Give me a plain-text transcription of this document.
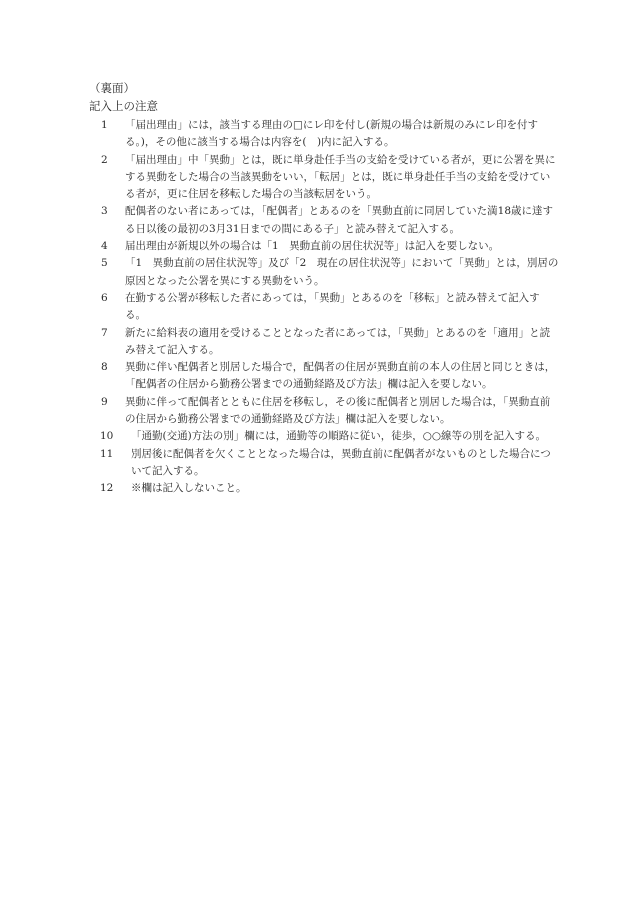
（裏面）
記入上の注意
1	「届出理由」には，該当する理由の□にレ印を付し(新規の場合は新規のみにレ印を付する。)，その他に該当する場合は内容を(　)内に記入する。
2	「届出理由」中「異動」とは，既に単身赴任手当の支給を受けている者が，更に公署を異にする異動をした場合の当該異動をいい，「転居」とは，既に単身赴任手当の支給を受けている者が，更に住居を移転した場合の当該転居をいう。
3	配偶者のない者にあっては，「配偶者」とあるのを「異動直前に同居していた満18歳に達する日以後の最初の3月31日までの間にある子」と読み替えて記入する。
4	届出理由が新規以外の場合は「1　異動直前の居住状況等」は記入を要しない。
5	「1　異動直前の居住状況等」及び「2　現在の居住状況等」において「異動」とは，別居の原因となった公署を異にする異動をいう。
6	在勤する公署が移転した者にあっては，「異動」とあるのを「移転」と読み替えて記入する。
7	新たに給料表の適用を受けることとなった者にあっては，「異動」とあるのを「適用」と読み替えて記入する。
8	異動に伴い配偶者と別居した場合で，配偶者の住居が異動直前の本人の住居と同じときは，「配偶者の住居から勤務公署までの通勤経路及び方法」欄は記入を要しない。
9	異動に伴って配偶者とともに住居を移転し，その後に配偶者と別居した場合は，「異動直前の住居から勤務公署までの通勤経路及び方法」欄は記入を要しない。
10	「通勤(交通)方法の別」欄には，通勤等の順路に従い，徒歩，○○線等の別を記入する。
11	別居後に配偶者を欠くこととなった場合は，異動直前に配偶者がないものとした場合について記入する。
12	※欄は記入しないこと。
